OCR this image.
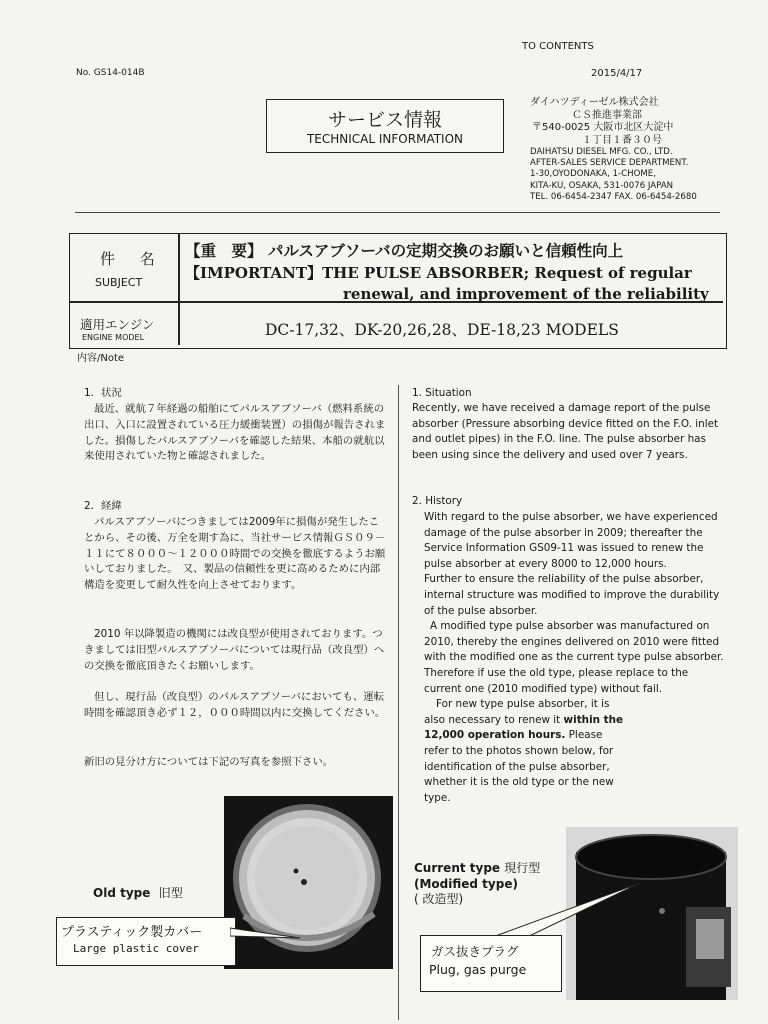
TO CONTENTS
No. GS14-014B	2015/4/17
サービス情報
TECHNICAL INFORMATION
ダイハツディーゼル株式会社
ＣＳ推進事業部
〒540-0025 大阪市北区大淀中
１丁目１番３０号
DAIHATSU DIESEL MFG. CO., LTD.
AFTER-SALES SERVICE DEPARTMENT.
1-30,OYODONAKA, 1-CHOME,
KITA-KU, OSAKA, 531-0076 JAPAN
TEL. 06-6454-2347 FAX. 06-6454-2680
件 名
SUBJECT
【重　要】 パルスアブソーバの定期交換のお願いと信頼性向上
【IMPORTANT】THE PULSE ABSORBER; Request of regular
renewal, and improvement of the reliability
適用エンジン
ENGINE MODEL	DC-17,32、DK-20,26,28、DE-18,23 MODELS
内容/Note
1．状況
最近、就航７年経過の船舶にてパルスアブソーバ（燃料系統の出口、入口に設置されている圧力緩衝装置）の損傷が報告されました。損傷したパルスアブソーバを確認した結果、本船の就航以来使用されていた物と確認されました。
2．経緯
パルスアブソーバにつきましては2009年に損傷が発生したことから、その後、万全を期す為に、当社サービス情報ＧＳ０９－１１にて８０００～１２０００時間での交換を徹底するようお願いしておりました。　又、製品の信頼性を更に高めるために内部構造を変更して耐久性を向上させております。
2010 年以降製造の機関には改良型が使用されております。つきましては旧型パルスアブソーバについては現行品（改良型）への交換を徹底頂きたくお願いします。
但し、現行品（改良型）のパルスアブソーバにおいても、運転時間を確認頂き必ず１２，０００時間以内に交換してください。
新旧の見分け方については下記の写真を参照下さい。
1. Situation
Recently, we have received a damage report of the pulse absorber (Pressure absorbing device fitted on the F.O. inlet and outlet pipes) in the F.O. line. The pulse absorber has been using since the delivery and used over 7 years.
2. History
With regard to the pulse absorber, we have experienced damage of the pulse absorber in 2009; thereafter the Service Information GS09-11 was issued to renew the pulse absorber at every 8000 to 12,000 hours.
Further to ensure the reliability of the pulse absorber, internal structure was modified to improve the durability of the pulse absorber.
A modified type pulse absorber was manufactured on 2010, thereby the engines delivered on 2010 were fitted with the modified one as the current type pulse absorber. Therefore if use the old type, please replace to the current one (2010 modified type) without fail.
For new type pulse absorber, it is also necessary to renew it within the 12,000 operation hours. Please refer to the photos shown below, for identification of the pulse absorber, whether it is the old type or the new type.
Old type 旧型
プラスティック製カバー
Large plastic cover
Current type 現行型
(Modified type)
( 改造型)
ガス抜きプラグ
Plug, gas purge
